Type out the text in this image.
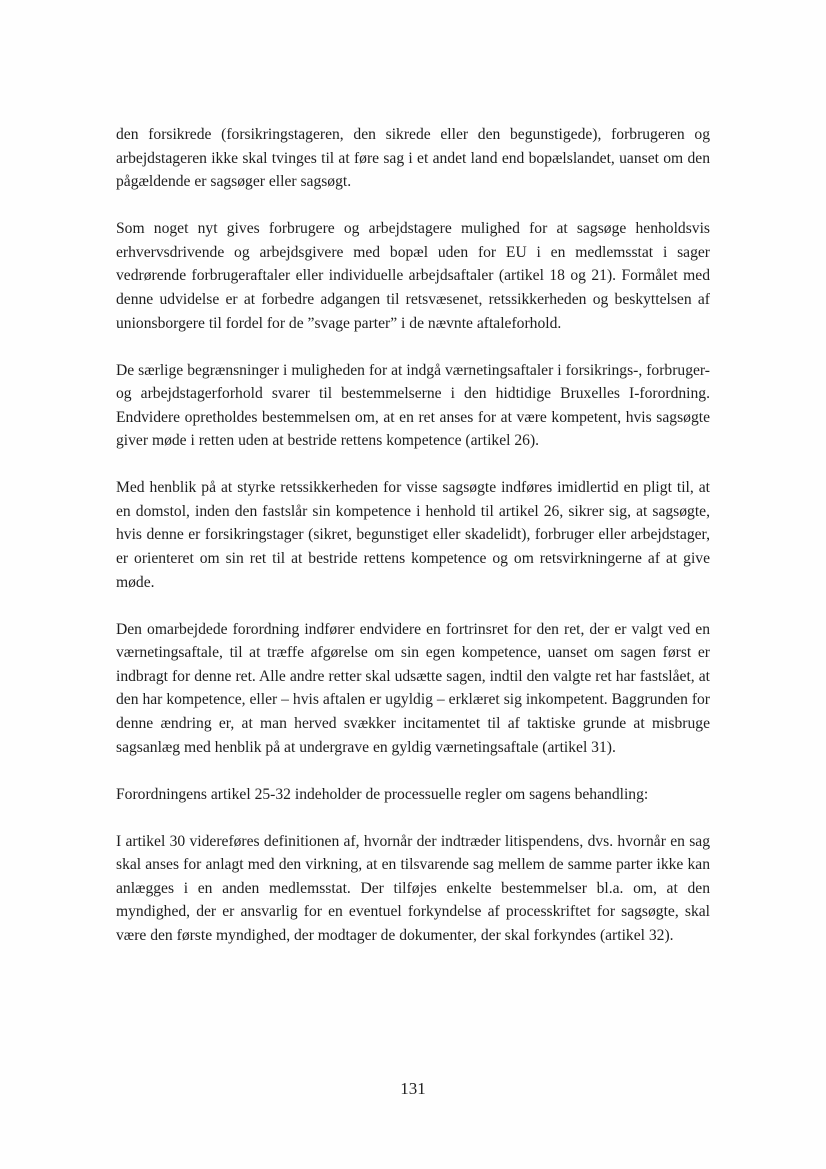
den forsikrede (forsikringstageren, den sikrede eller den begunstigede), forbrugeren og arbejdstageren ikke skal tvinges til at føre sag i et andet land end bopælslandet, uanset om den pågældende er sagsøger eller sagsøgt.

Som noget nyt gives forbrugere og arbejdstagere mulighed for at sagsøge henholdsvis erhvervsdrivende og arbejdsgivere med bopæl uden for EU i en medlemsstat i sager vedrørende forbrugeraftaler eller individuelle arbejdsaftaler (artikel 18 og 21). Formålet med denne udvidelse er at forbedre adgangen til retsvæsenet, retssikkerheden og beskyttelsen af unionsborgere til fordel for de ”svage parter” i de nævnte aftaleforhold.

De særlige begrænsninger i muligheden for at indgå værnetingsaftaler i forsikrings-, forbruger- og arbejdstagerforhold svarer til bestemmelserne i den hidtidige Bruxelles I-forordning. Endvidere opretholdes bestemmelsen om, at en ret anses for at være kompetent, hvis sagsøgte giver møde i retten uden at bestride rettens kompetence (artikel 26).

Med henblik på at styrke retssikkerheden for visse sagsøgte indføres imidlertid en pligt til, at en domstol, inden den fastslår sin kompetence i henhold til artikel 26, sikrer sig, at sagsøgte, hvis denne er forsikringstager (sikret, begunstiget eller skadelidt), forbruger eller arbejdstager, er orienteret om sin ret til at bestride rettens kompetence og om retsvirkningerne af at give møde.

Den omarbejdede forordning indfører endvidere en fortrinsret for den ret, der er valgt ved en værnetingsaftale, til at træffe afgørelse om sin egen kompetence, uanset om sagen først er indbragt for denne ret. Alle andre retter skal udsætte sagen, indtil den valgte ret har fastslået, at den har kompetence, eller – hvis aftalen er ugyldig – erklæret sig inkompetent. Baggrunden for denne ændring er, at man herved svækker incitamentet til af taktiske grunde at misbruge sagsanlæg med henblik på at undergrave en gyldig værnetingsaftale (artikel 31).

Forordningens artikel 25-32 indeholder de processuelle regler om sagens behandling:

I artikel 30 videreføres definitionen af, hvornår der indtræder litispendens, dvs. hvornår en sag skal anses for anlagt med den virkning, at en tilsvarende sag mellem de samme parter ikke kan anlægges i en anden medlemsstat. Der tilføjes enkelte bestemmelser bl.a. om, at den myndighed, der er ansvarlig for en eventuel forkyndelse af processkriftet for sagsøgte, skal være den første myndighed, der modtager de dokumenter, der skal forkyndes (artikel 32).

131
